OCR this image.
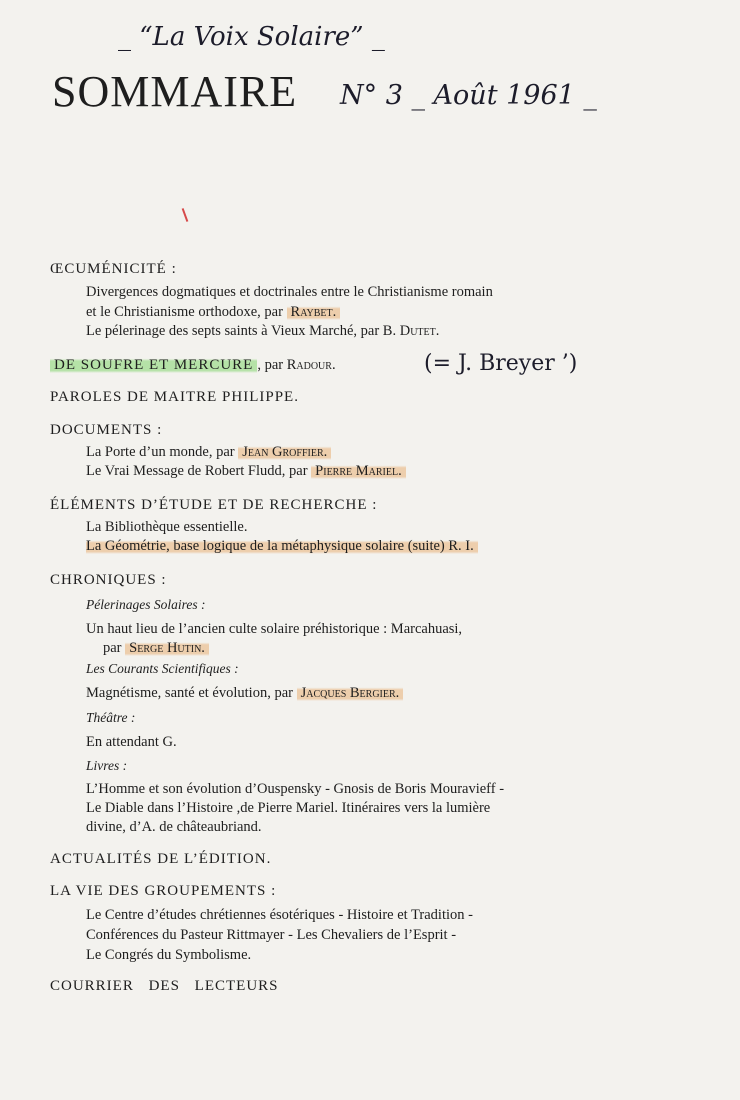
_ “La Voix Solaire” _
SOMMAIRE N° 3 _ Août 1961 _
ŒCUMÉNICITÉ :
Divergences dogmatiques et doctrinales entre le Christianisme romain
et le Christianisme orthodoxe, par Raybet.
Le pélerinage des septs saints à Vieux Marché, par B. Dutet.
DE SOUFRE ET MERCURE , par Radour.	(= J. Breyer ’)
PAROLES DE MAITRE PHILIPPE.
DOCUMENTS :
La Porte d’un monde, par Jean Groffier.
Le Vrai Message de Robert Fludd, par Pierre Mariel.
ÉLÉMENTS D’ÉTUDE ET DE RECHERCHE :
La Bibliothèque essentielle.
La Géométrie, base logique de la métaphysique solaire (suite) R. I.
CHRONIQUES :
Pélerinages Solaires :
Un haut lieu de l’ancien culte solaire préhistorique : Marcahuasi,
par Serge Hutin.
Les Courants Scientifiques :
Magnétisme, santé et évolution, par Jacques Bergier.
Théâtre :
En attendant G.
Livres :
L’Homme et son évolution d’Ouspensky - Gnosis de Boris Mouravieff -
Le Diable dans l’Histoire ,de Pierre Mariel. Itinéraires vers la lumière
divine, d’A. de châteaubriand.
ACTUALITÉS DE L’ÉDITION.
LA VIE DES GROUPEMENTS :
Le Centre d’études chrétiennes ésotériques - Histoire et Tradition -
Conférences du Pasteur Rittmayer - Les Chevaliers de l’Esprit -
Le Congrés du Symbolisme.
COURRIER DES LECTEURS
